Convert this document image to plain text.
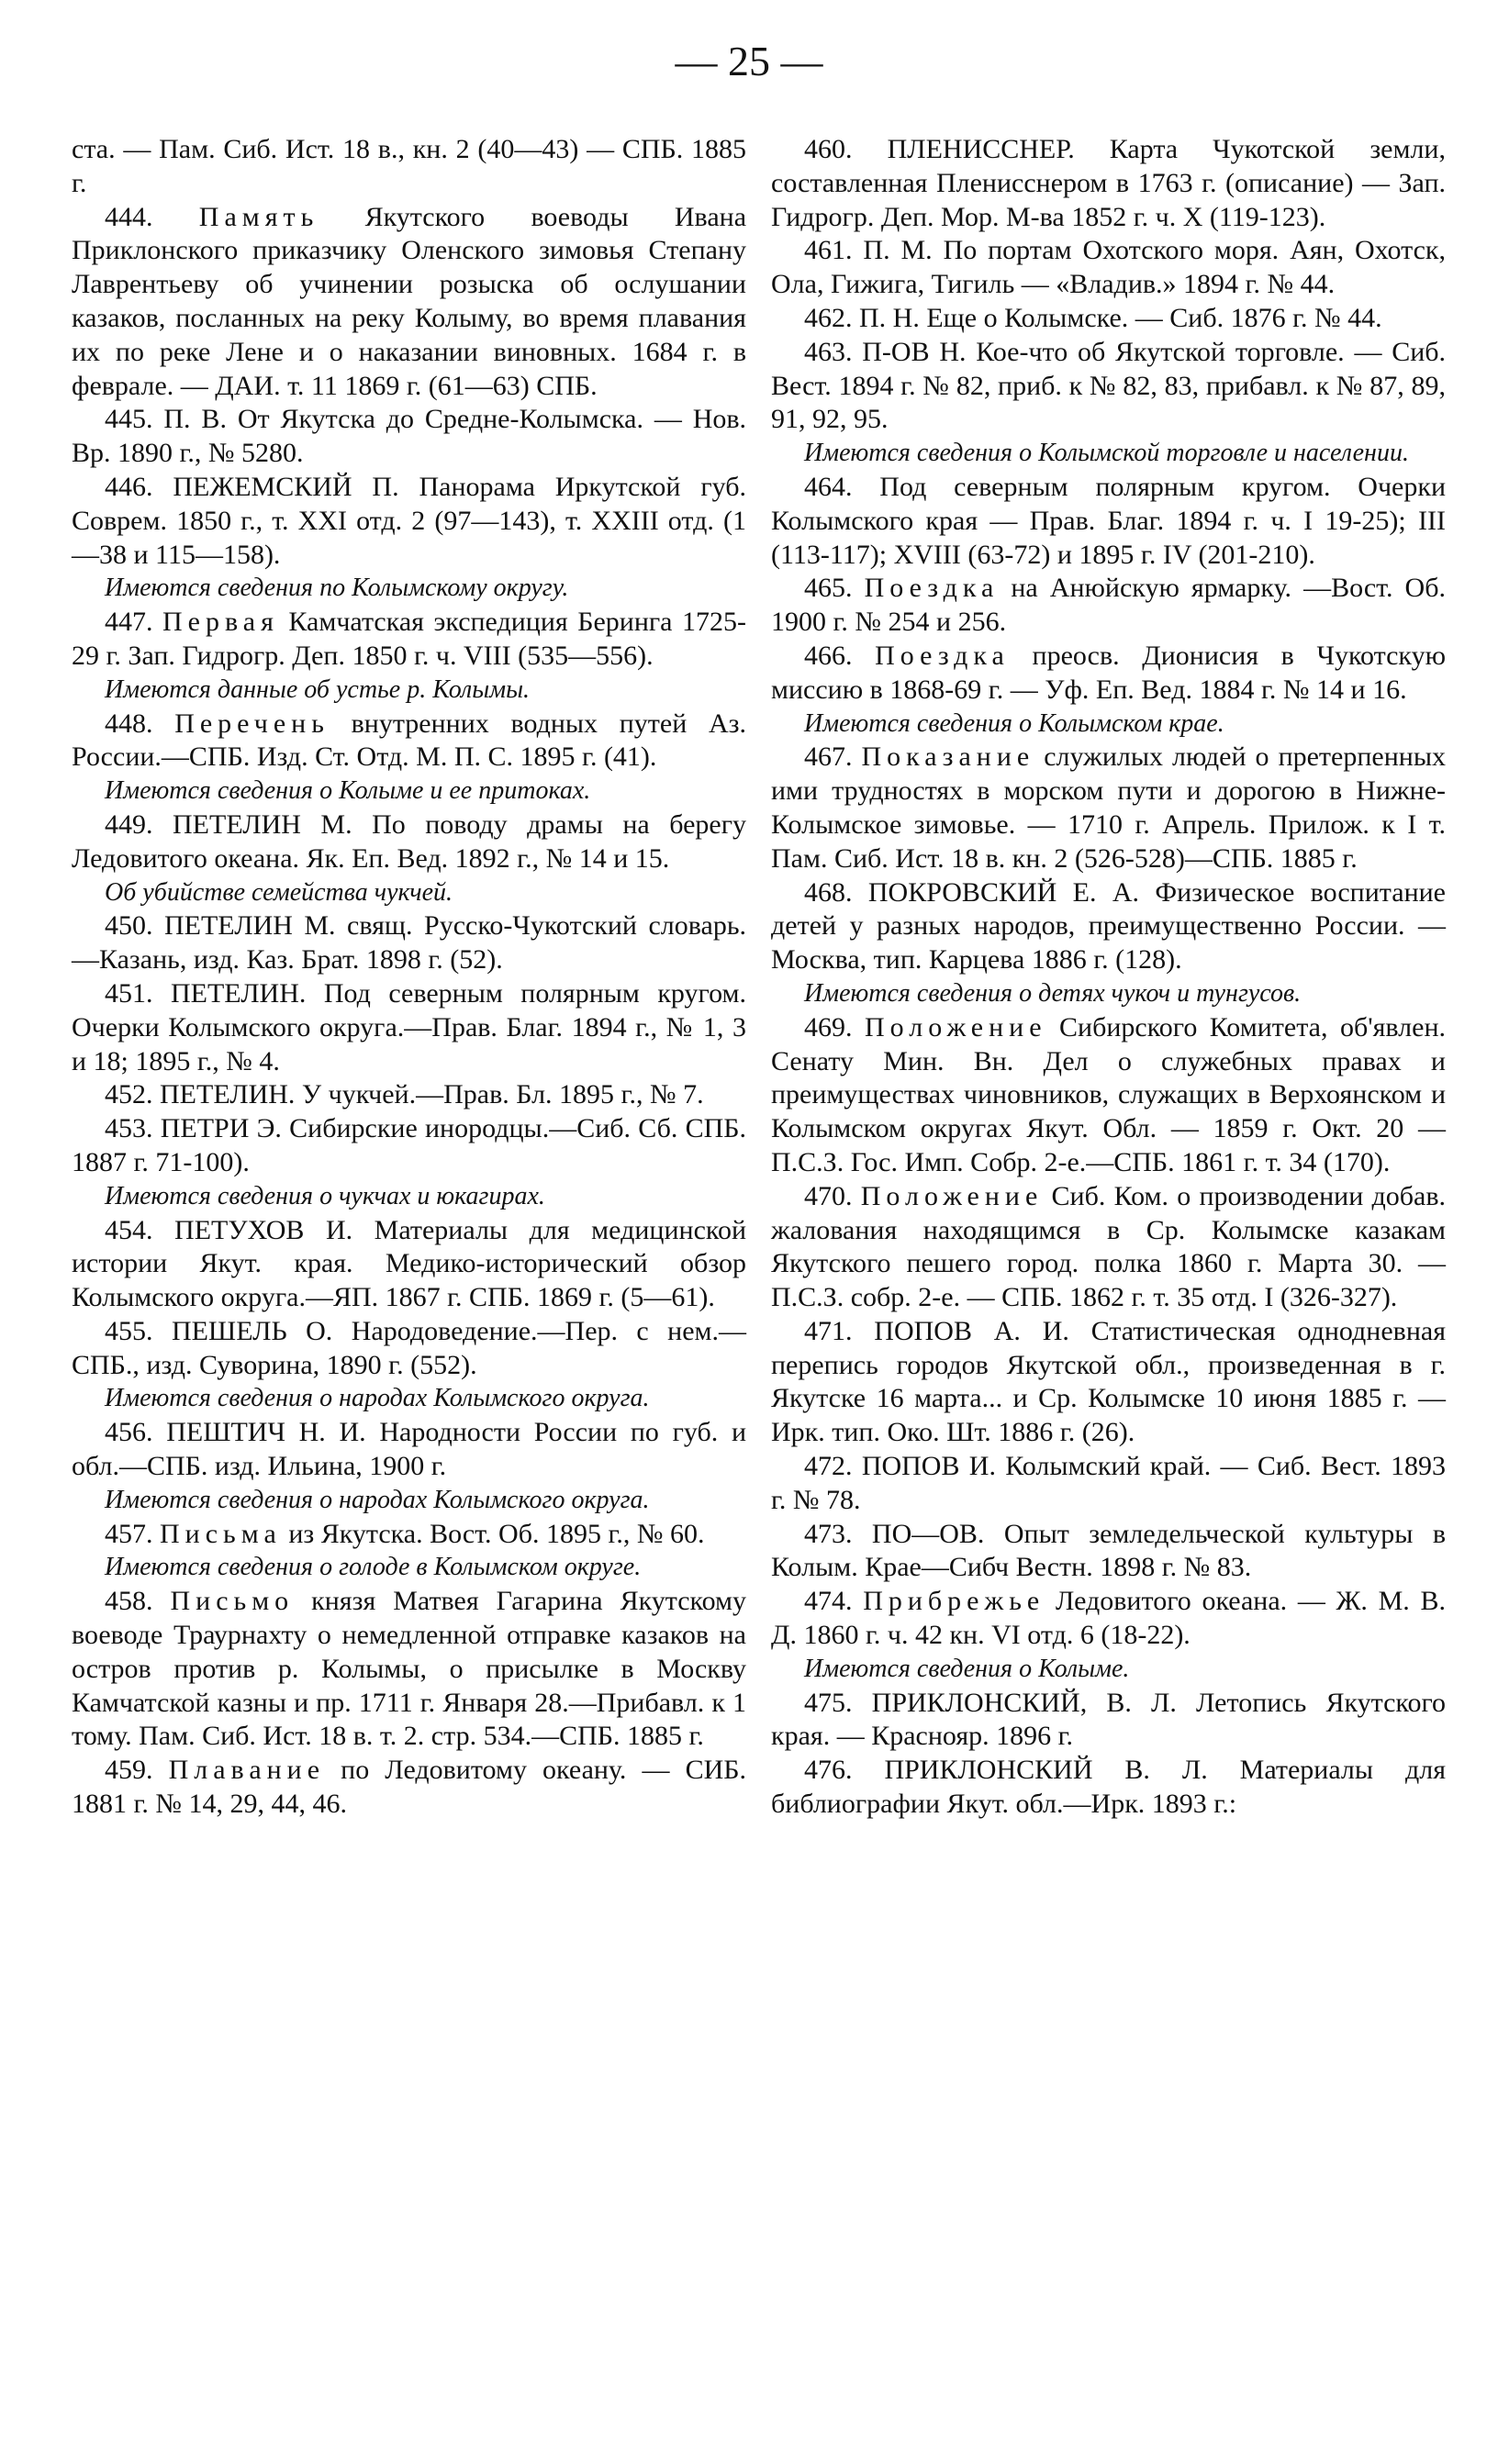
— 25 —

ста. — Пам. Сиб. Ист. 18 в., кн. 2 (40—43) — СПБ. 1885 г.

444. Память Якутского воеводы Ивана Приклонского приказчику Оленского зимовья Степану Лаврентьеву об учинении розыска об ослушании казаков, посланных на реку Колыму, во время плавания их по реке Лене и о наказании виновных. 1684 г. в феврале. — ДАИ. т. 11 1869 г. (61—63) СПБ.

445. П. В. От Якутска до Средне-Колымска. — Нов. Вр. 1890 г., № 5280.

446. ПЕЖЕМСКИЙ П. Панорама Иркутской губ. Соврем. 1850 г., т. XXI отд. 2 (97—143), т. XXIII отд. (1—38 и 115—158).

Имеются сведения по Колымскому округу.

447. Первая Камчатская экспедиция Беринга 1725-29 г. Зап. Гидрогр. Деп. 1850 г. ч. VIII (535—556).

Имеются данные об устье р. Колымы.

448. Перечень внутренних водных путей Аз. России.—СПБ. Изд. Ст. Отд. М. П. С. 1895 г. (41).

Имеются сведения о Колыме и ее притоках.

449. ПЕТЕЛИН М. По поводу драмы на берегу Ледовитого океана. Як. Еп. Вед. 1892 г., № 14 и 15.

Об убийстве семейства чукчей.

450. ПЕТЕЛИН М. свящ. Русско-Чукотский словарь.—Казань, изд. Каз. Брат. 1898 г. (52).

451. ПЕТЕЛИН. Под северным полярным кругом. Очерки Колымского округа.—Прав. Благ. 1894 г., № 1, 3 и 18; 1895 г., № 4.

452. ПЕТЕЛИН. У чукчей.—Прав. Бл. 1895 г., № 7.

453. ПЕТРИ Э. Сибирские инородцы.—Сиб. Сб. СПБ. 1887 г. 71-100).

Имеются сведения о чукчах и юкагирах.

454. ПЕТУХОВ И. Материалы для медицинской истории Якут. края. Медико-исторический обзор Колымского округа.—ЯП. 1867 г. СПБ. 1869 г. (5—61).

455. ПЕШЕЛЬ О. Народоведение.—Пер. с нем.—СПБ., изд. Суворина, 1890 г. (552).

Имеются сведения о народах Колымского округа.

456. ПЕШТИЧ Н. И. Народности России по губ. и обл.—СПБ. изд. Ильина, 1900 г.

Имеются сведения о народах Колымского округа.

457. Письма из Якутска. Вост. Об. 1895 г., № 60.

Имеются сведения о голоде в Колымском округе.

458. Письмо князя Матвея Гагарина Якутскому воеводе Траурнахту о немедленной отправке казаков на остров против р. Колымы, о присылке в Москву Камчатской казны и пр. 1711 г. Января 28.—Прибавл. к 1 тому. Пам. Сиб. Ист. 18 в. т. 2. стр. 534.—СПБ. 1885 г.

459. Плавание по Ледовитому океану. — СИБ. 1881 г. № 14, 29, 44, 46.

460. ПЛЕНИССНЕР. Карта Чукотской земли, составленная Пленисснером в 1763 г. (описание) — Зап. Гидрогр. Деп. Мор. М-ва 1852 г. ч. X (119-123).

461. П. М. По портам Охотского моря. Аян, Охотск, Ола, Гижига, Тигиль — «Владив.» 1894 г. № 44.

462. П. Н. Еще о Колымске. — Сиб. 1876 г. № 44.

463. П-ОВ Н. Кое-что об Якутской торговле. — Сиб. Вест. 1894 г. № 82, приб. к № 82, 83, прибавл. к № 87, 89, 91, 92, 95.

Имеются сведения о Колымской торговле и населении.

464. Под северным полярным кругом. Очерки Колымского края — Прав. Благ. 1894 г. ч. I 19-25); III (113-117); XVIII (63-72) и 1895 г. IV (201-210).

465. Поездка на Анюйскую ярмарку. —Вост. Об. 1900 г. № 254 и 256.

466. Поездка преосв. Дионисия в Чукотскую миссию в 1868-69 г. — Уф. Еп. Вед. 1884 г. № 14 и 16.

Имеются сведения о Колымском крае.

467. Показание служилых людей о претерпенных ими трудностях в морском пути и дорогою в Нижне-Колымское зимовье. — 1710 г. Апрель. Прилож. к I т. Пам. Сиб. Ист. 18 в. кн. 2 (526-528)—СПБ. 1885 г.

468. ПОКРОВСКИЙ Е. А. Физическое воспитание детей у разных народов, преимущественно России. — Москва, тип. Карцева 1886 г. (128).

Имеются сведения о детях чукоч и тунгусов.

469. Положение Сибирского Комитета, об'явлен. Сенату Мин. Вн. Дел о служебных правах и преимуществах чиновников, служащих в Верхоянском и Колымском округах Якут. Обл. — 1859 г. Окт. 20 — П.С.З. Гос. Имп. Собр. 2-е.—СПБ. 1861 г. т. 34 (170).

470. Положение Сиб. Ком. о производении добав. жалования находящимся в Ср. Колымске казакам Якутского пешего город. полка 1860 г. Марта 30. — П.С.З. собр. 2-е. — СПБ. 1862 г. т. 35 отд. I (326-327).

471. ПОПОВ А. И. Статистическая однодневная перепись городов Якутской обл., произведенная в г. Якутске 16 марта... и Ср. Колымске 10 июня 1885 г. — Ирк. тип. Око. Шт. 1886 г. (26).

472. ПОПОВ И. Колымский край. — Сиб. Вест. 1893 г. № 78.

473. ПО—ОВ. Опыт земледельческой культуры в Колым. Крае—Сибч Вестн. 1898 г. № 83.

474. Прибрежье Ледовитого океана. — Ж. М. В. Д. 1860 г. ч. 42 кн. VI отд. 6 (18-22).

Имеются сведения о Колыме.

475. ПРИКЛОНСКИЙ, В. Л. Летопись Якутского края. — Краснояр. 1896 г.

476. ПРИКЛОНСКИЙ В. Л. Материалы для библиографии Якут. обл.—Ирк. 1893 г.:
